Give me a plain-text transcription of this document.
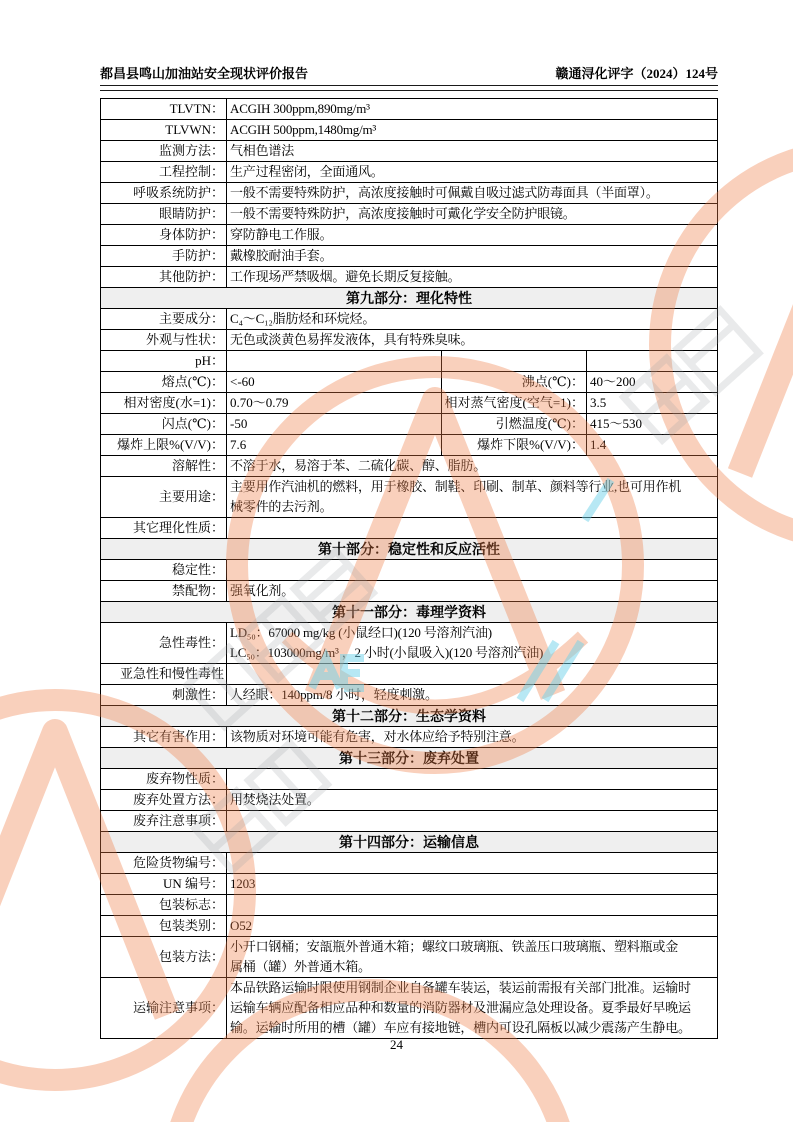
都昌县鸣山加油站安全现状评价报告	赣通浔化评字（2024）124号
TLVTN： ACGIH 300ppm,890mg/m³
TLVWN： ACGIH 500ppm,1480mg/m³
监测方法： 气相色谱法
工程控制： 生产过程密闭，全面通风。
呼吸系统防护： 一般不需要特殊防护，高浓度接触时可佩戴自吸过滤式防毒面具（半面罩）。
眼睛防护： 一般不需要特殊防护，高浓度接触时可戴化学安全防护眼镜。
身体防护： 穿防静电工作服。
手防护： 戴橡胶耐油手套。
其他防护： 工作现场严禁吸烟。避免长期反复接触。
第九部分：理化特性
主要成分： C₄～C₁₂脂肪烃和环烷烃。
外观与性状： 无色或淡黄色易挥发液体，具有特殊臭味。
pH：
熔点(℃)： <-60	沸点(℃)： 40～200
相对密度(水=1)： 0.70～0.79	相对蒸气密度(空气=1)： 3.5
闪点(℃)： -50	引燃温度(℃)： 415～530
爆炸上限%(V/V)： 7.6	爆炸下限%(V/V)： 1.4
溶解性： 不溶于水，易溶于苯、二硫化碳、醇、脂肪。
主要用途：
主要用作汽油机的燃料，用于橡胶、制鞋、印刷、制革、颜料等行业,也可用作机
械零件的去污剂。
其它理化性质：
第十部分：稳定性和反应活性
稳定性：
禁配物： 强氧化剂。
第十一部分：毒理学资料
急性毒性：
LD₅₀：67000 mg/kg (小鼠经口)(120 号溶剂汽油)
LC₅₀：103000mg/m³ ，2 小时(小鼠吸入)(120 号溶剂汽油)
亚急性和慢性毒性
刺激性： 人经眼：140ppm/8 小时，轻度刺激。
第十二部分：生态学资料
其它有害作用： 该物质对环境可能有危害，对水体应给予特别注意。
第十三部分：废弃处置
废弃物性质：
废弃处置方法： 用焚烧法处置。
废弃注意事项：
第十四部分：运输信息
危险货物编号：
UN 编号： 1203
包装标志：
包装类别： O52
包装方法：
小开口钢桶；安瓿瓶外普通木箱；螺纹口玻璃瓶、铁盖压口玻璃瓶、塑料瓶或金
属桶（罐）外普通木箱。
运输注意事项：
本品铁路运输时限使用钢制企业自备罐车装运，装运前需报有关部门批准。运输时
运输车辆应配备相应品种和数量的消防器材及泄漏应急处理设备。夏季最好早晚运
输。运输时所用的槽（罐）车应有接地链，槽内可设孔隔板以减少震荡产生静电。
24
